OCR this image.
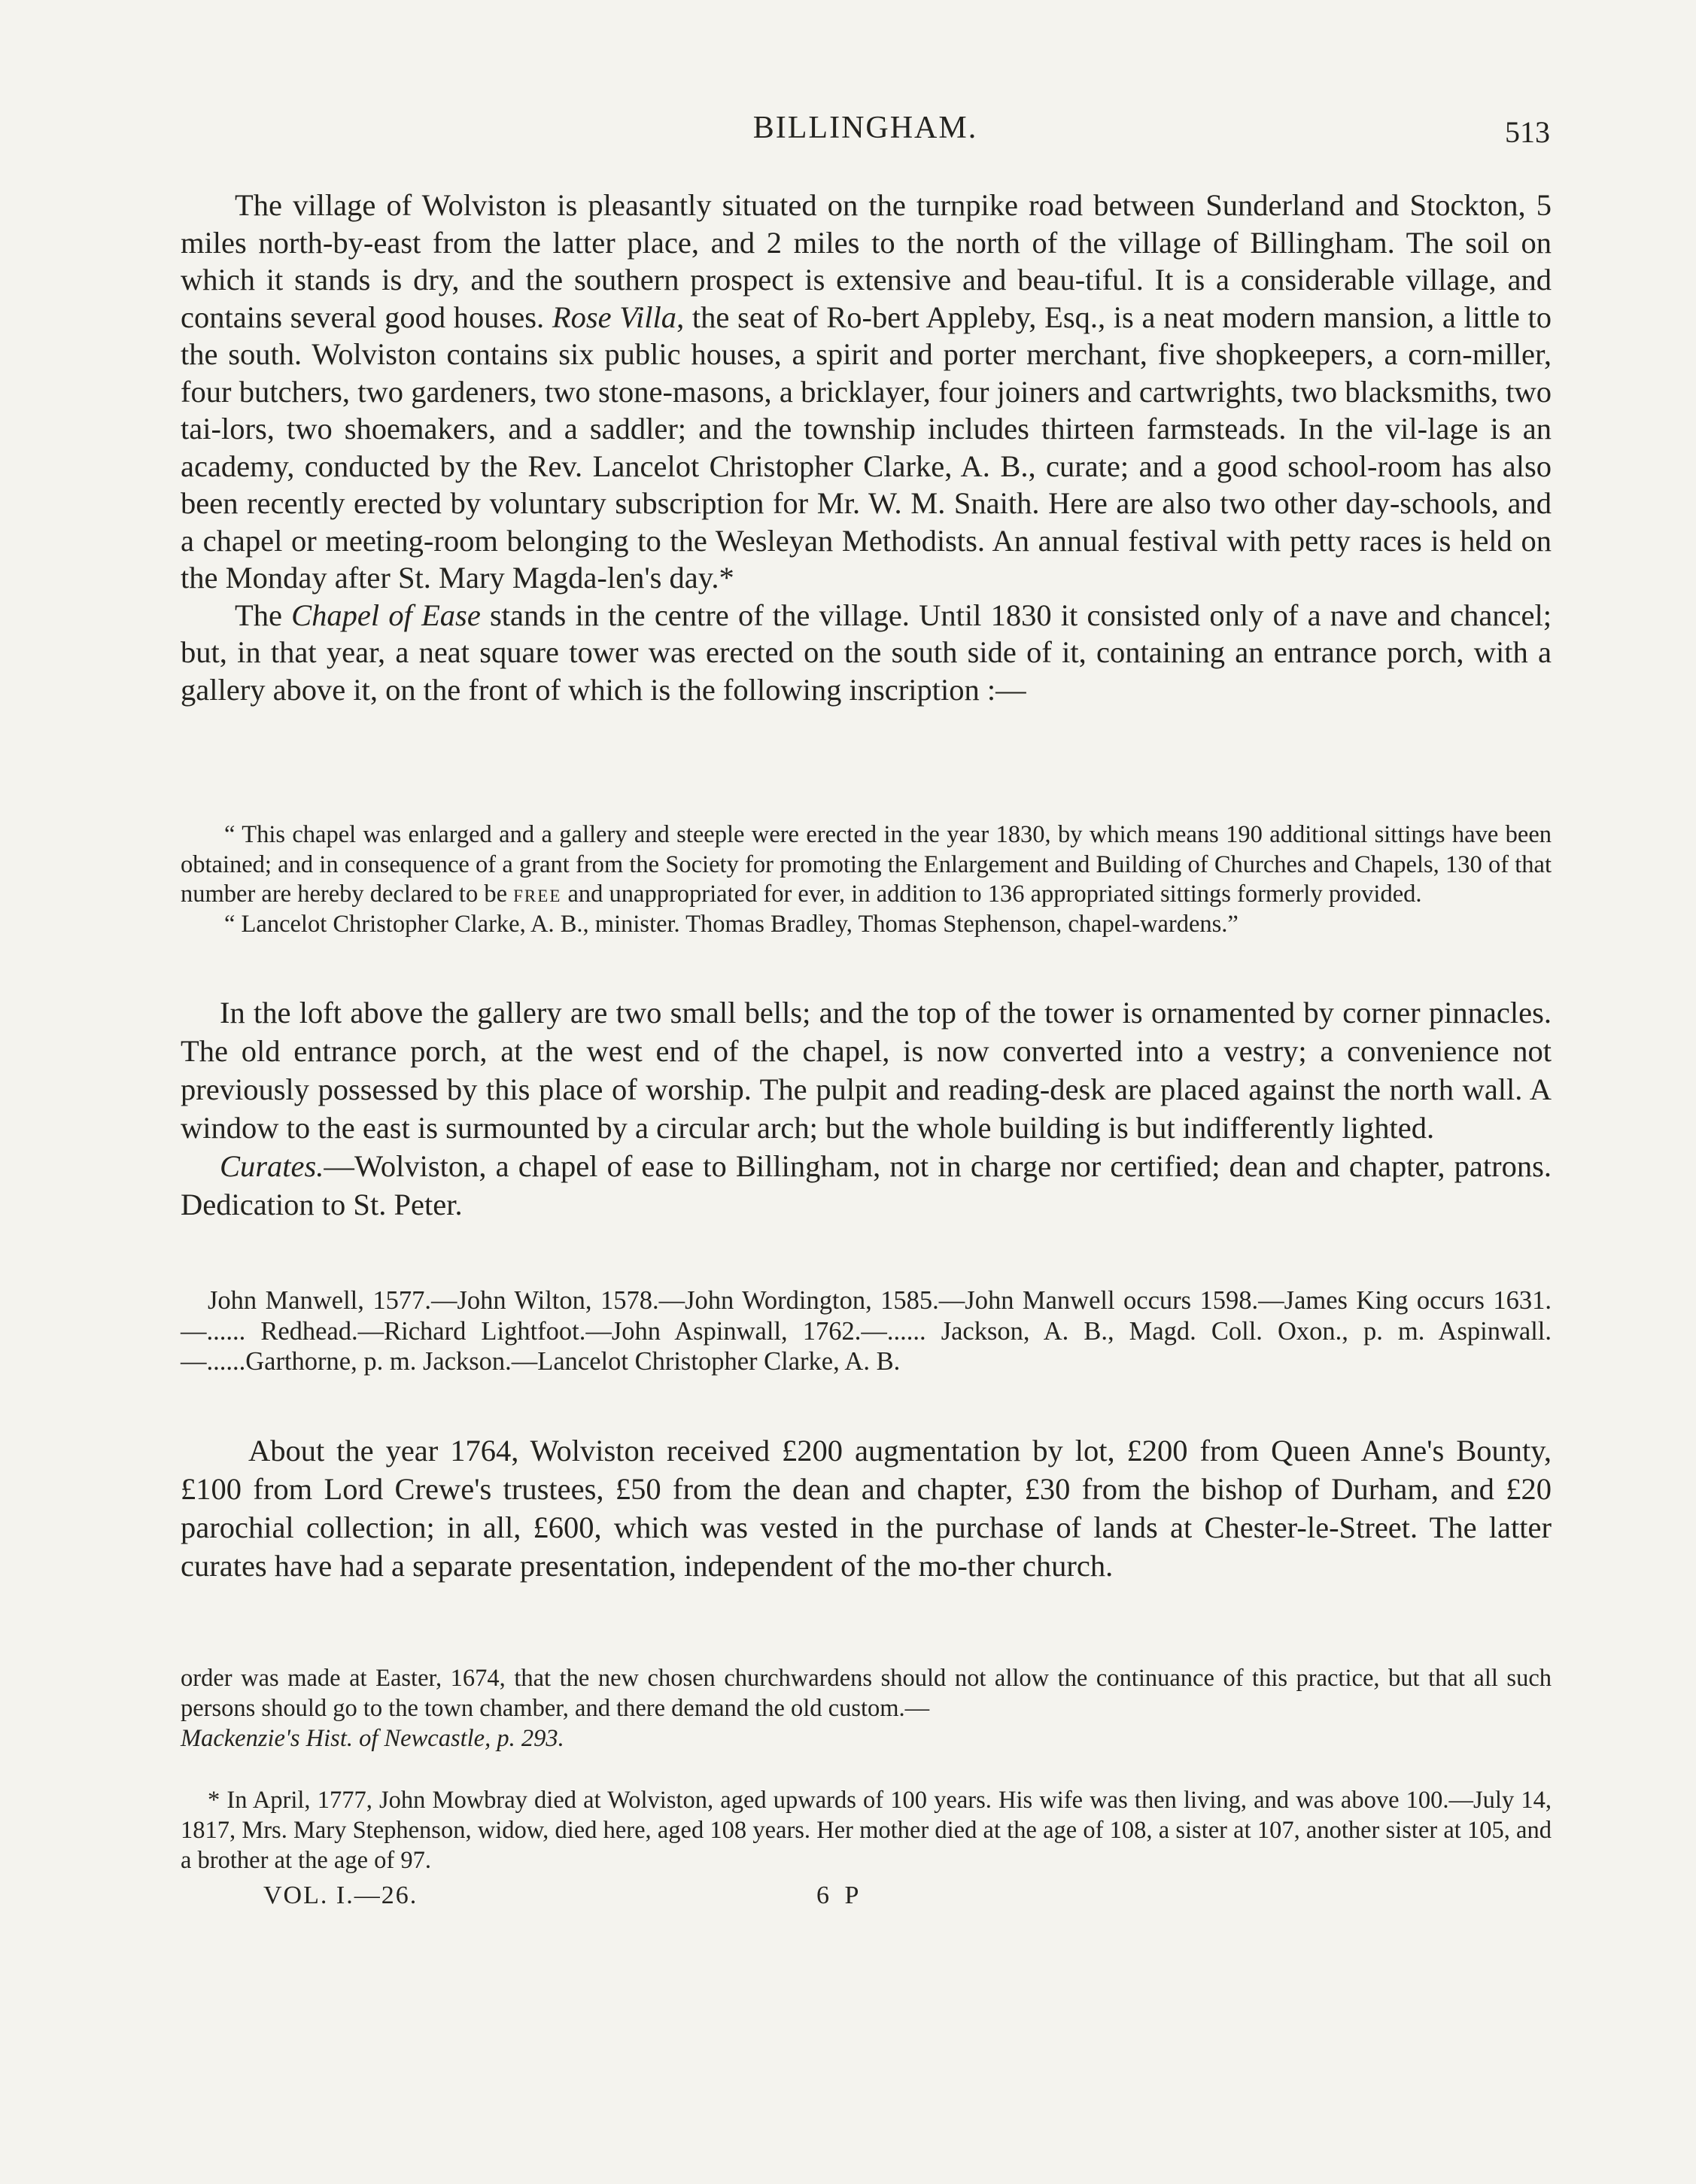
BILLINGHAM.	513

The village of Wolviston is pleasantly situated on the turnpike road between Sunderland and Stockton, 5 miles north-by-east from the latter place, and 2 miles to the north of the village of Billingham. The soil on which it stands is dry, and the southern prospect is extensive and beau-tiful. It is a considerable village, and contains several good houses. Rose Villa, the seat of Ro-bert Appleby, Esq., is a neat modern mansion, a little to the south. Wolviston contains six public houses, a spirit and porter merchant, five shopkeepers, a corn-miller, four butchers, two gardeners, two stone-masons, a bricklayer, four joiners and cartwrights, two blacksmiths, two tai-lors, two shoemakers, and a saddler; and the township includes thirteen farmsteads. In the vil-lage is an academy, conducted by the Rev. Lancelot Christopher Clarke, A. B., curate; and a good school-room has also been recently erected by voluntary subscription for Mr. W. M. Snaith. Here are also two other day-schools, and a chapel or meeting-room belonging to the Wesleyan Methodists. An annual festival with petty races is held on the Monday after St. Mary Magda-len's day.*

The Chapel of Ease stands in the centre of the village. Until 1830 it consisted only of a nave and chancel; but, in that year, a neat square tower was erected on the south side of it, containing an entrance porch, with a gallery above it, on the front of which is the following inscription :—

“ This chapel was enlarged and a gallery and steeple were erected in the year 1830, by which means 190 additional sittings have been obtained; and in consequence of a grant from the Society for promoting the Enlargement and Building of Churches and Chapels, 130 of that number are hereby declared to be free and unappropriated for ever, in addition to 136 appropriated sittings formerly provided.

“ Lancelot Christopher Clarke, A. B., minister. Thomas Bradley, Thomas Stephenson, chapel-wardens.”

In the loft above the gallery are two small bells; and the top of the tower is ornamented by corner pinnacles. The old entrance porch, at the west end of the chapel, is now converted into a vestry; a convenience not previously possessed by this place of worship. The pulpit and reading-desk are placed against the north wall. A window to the east is surmounted by a circular arch; but the whole building is but indifferently lighted.

Curates.—Wolviston, a chapel of ease to Billingham, not in charge nor certified; dean and chapter, patrons. Dedication to St. Peter.

John Manwell, 1577.—John Wilton, 1578.—John Wordington, 1585.—John Manwell occurs 1598.—James King occurs 1631.—...... Redhead.—Richard Lightfoot.—John Aspinwall, 1762.—...... Jackson, A. B., Magd. Coll. Oxon., p. m. Aspinwall.—......Garthorne, p. m. Jackson.—Lancelot Christopher Clarke, A. B.
About the year 1764, Wolviston received £200 augmentation by lot, £200 from Queen Anne's Bounty, £100 from Lord Crewe's trustees, £50 from the dean and chapter, £30 from the bishop of Durham, and £20 parochial collection; in all, £600, which was vested in the purchase of lands at Chester-le-Street. The latter curates have had a separate presentation, independent of the mo-ther church.
order was made at Easter, 1674, that the new chosen churchwardens should not allow the continuance of this practice, but that all such persons should go to the town chamber, and there demand the old custom.—
Mackenzie's Hist. of Newcastle, p. 293.
* In April, 1777, John Mowbray died at Wolviston, aged upwards of 100 years. His wife was then living, and was above 100.—July 14, 1817, Mrs. Mary Stephenson, widow, died here, aged 108 years. Her mother died at the age of 108, a sister at 107, another sister at 105, and a brother at the age of 97.
VOL. I.—26.	6 P
